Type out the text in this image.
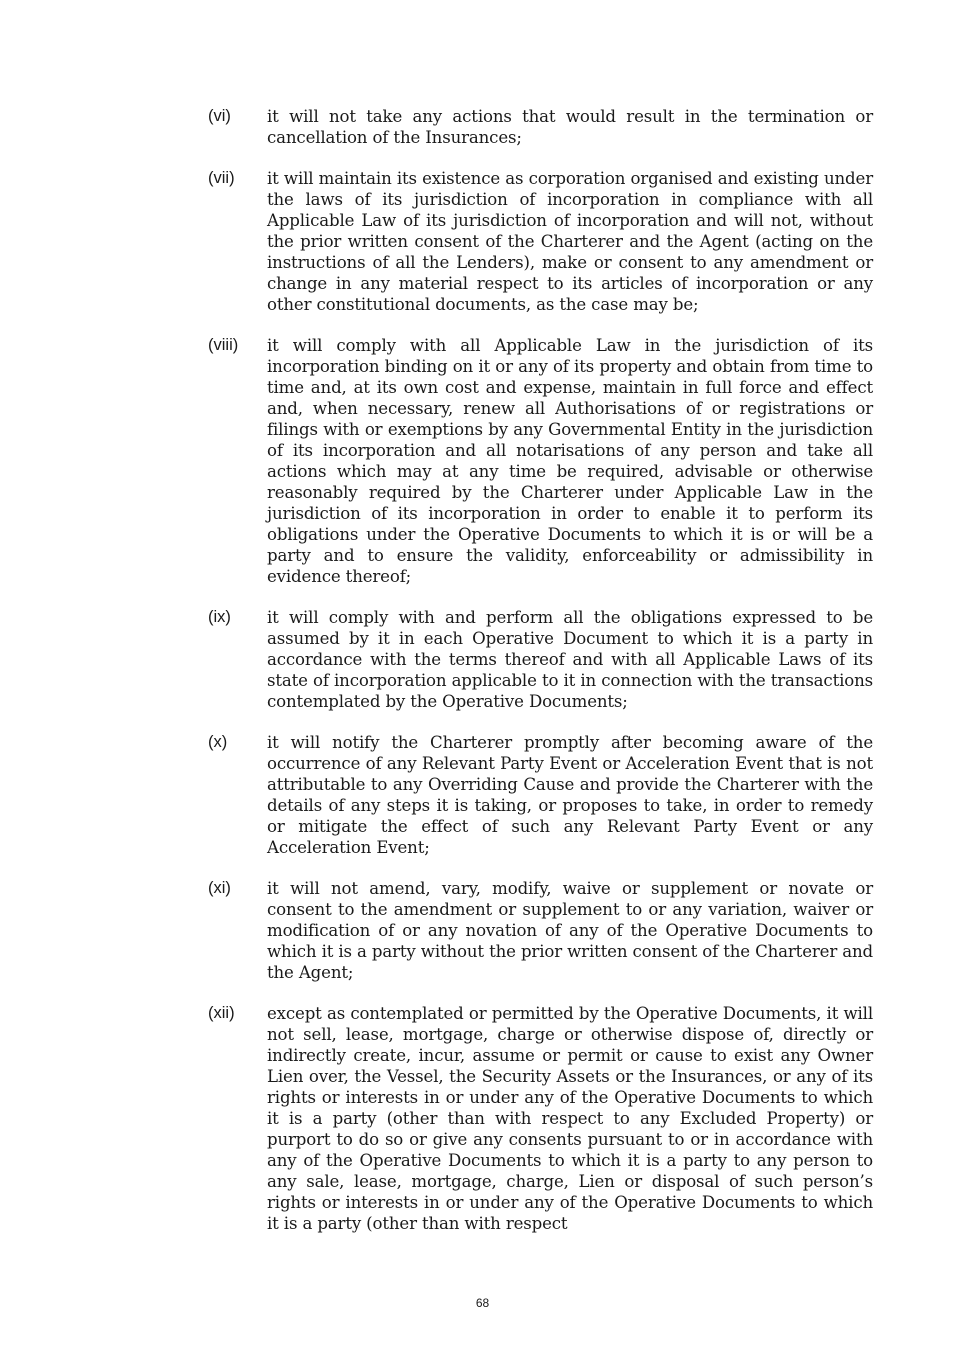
(vi)	it will not take any actions that would result in the termination or cancellation of the Insurances;
(vii)	it will maintain its existence as corporation organised and existing under the laws of its jurisdiction of incorporation in compliance with all Applicable Law of its jurisdiction of incorporation and will not, without the prior written consent of the Charterer and the Agent (acting on the instructions of all the Lenders), make or consent to any amendment or change in any material respect to its articles of incorporation or any other constitutional documents, as the case may be;
(viii)	it will comply with all Applicable Law in the jurisdiction of its incorporation binding on it or any of its property and obtain from time to time and, at its own cost and expense, maintain in full force and effect and, when necessary, renew all Authorisations of or registrations or filings with or exemptions by any Governmental Entity in the jurisdiction of its incorporation and all notarisations of any person and take all actions which may at any time be required, advisable or otherwise reasonably required by the Charterer under Applicable Law in the jurisdiction of its incorporation in order to enable it to perform its obligations under the Operative Documents to which it is or will be a party and to ensure the validity, enforceability or admissibility in evidence thereof;
(ix)	it will comply with and perform all the obligations expressed to be assumed by it in each Operative Document to which it is a party in accordance with the terms thereof and with all Applicable Laws of its state of incorporation applicable to it in connection with the transactions contemplated by the Operative Documents;
(x)	it will notify the Charterer promptly after becoming aware of the occurrence of any Relevant Party Event or Acceleration Event that is not attributable to any Overriding Cause and provide the Charterer with the details of any steps it is taking, or proposes to take, in order to remedy or mitigate the effect of such any Relevant Party Event or any Acceleration Event;
(xi)	it will not amend, vary, modify, waive or supplement or novate or consent to the amendment or supplement to or any variation, waiver or modification of or any novation of any of the Operative Documents to which it is a party without the prior written consent of the Charterer and the Agent;
(xii)	except as contemplated or permitted by the Operative Documents, it will not sell, lease, mortgage, charge or otherwise dispose of, directly or indirectly create, incur, assume or permit or cause to exist any Owner Lien over, the Vessel, the Security Assets or the Insurances, or any of its rights or interests in or under any of the Operative Documents to which it is a party (other than with respect to any Excluded Property) or purport to do so or give any consents pursuant to or in accordance with any of the Operative Documents to which it is a party to any person to any sale, lease, mortgage, charge, Lien or disposal of such person’s rights or interests in or under any of the Operative Documents to which it is a party (other than with respect
68
